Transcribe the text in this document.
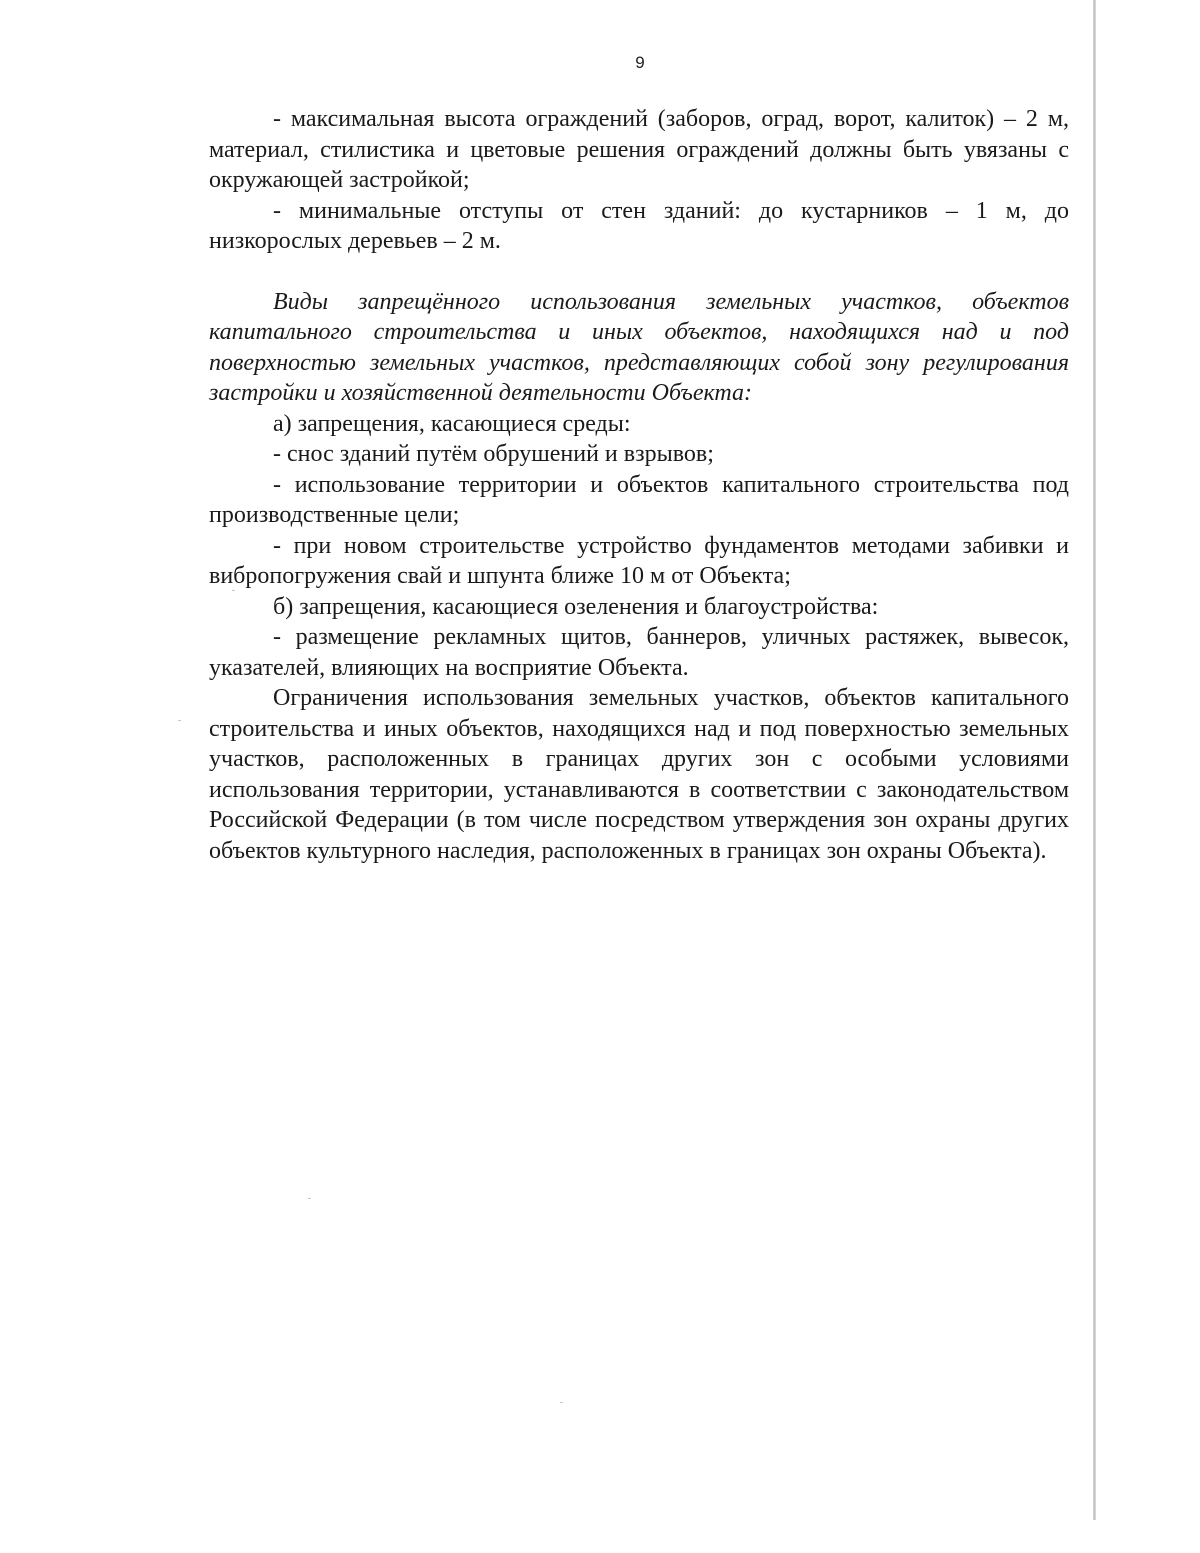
9

- максимальная высота ограждений (заборов, оград, ворот, калиток) – 2 м, материал, стилистика и цветовые решения ограждений должны быть увязаны с окружающей застройкой;

- минимальные отступы от стен зданий: до кустарников – 1 м, до низкорослых деревьев – 2 м.

Виды запрещённого использования земельных участков, объектов капитального строительства и иных объектов, находящихся над и под поверхностью земельных участков, представляющих собой зону регулирования застройки и хозяйственной деятельности Объекта:

а) запрещения, касающиеся среды:

- снос зданий путём обрушений и взрывов;

- использование территории и объектов капитального строительства под производственные цели;

- при новом строительстве устройство фундаментов методами забивки и вибропогружения свай и шпунта ближе 10 м от Объекта;

б) запрещения, касающиеся озеленения и благоустройства:

- размещение рекламных щитов, баннеров, уличных растяжек, вывесок, указателей, влияющих на восприятие Объекта.

Ограничения использования земельных участков, объектов капитального строительства и иных объектов, находящихся над и под поверхностью земельных участков, расположенных в границах других зон с особыми условиями использования территории, устанавливаются в соответствии с законодательством Российской Федерации (в том числе посредством утверждения зон охраны других объектов культурного наследия, расположенных в границах зон охраны Объекта).
